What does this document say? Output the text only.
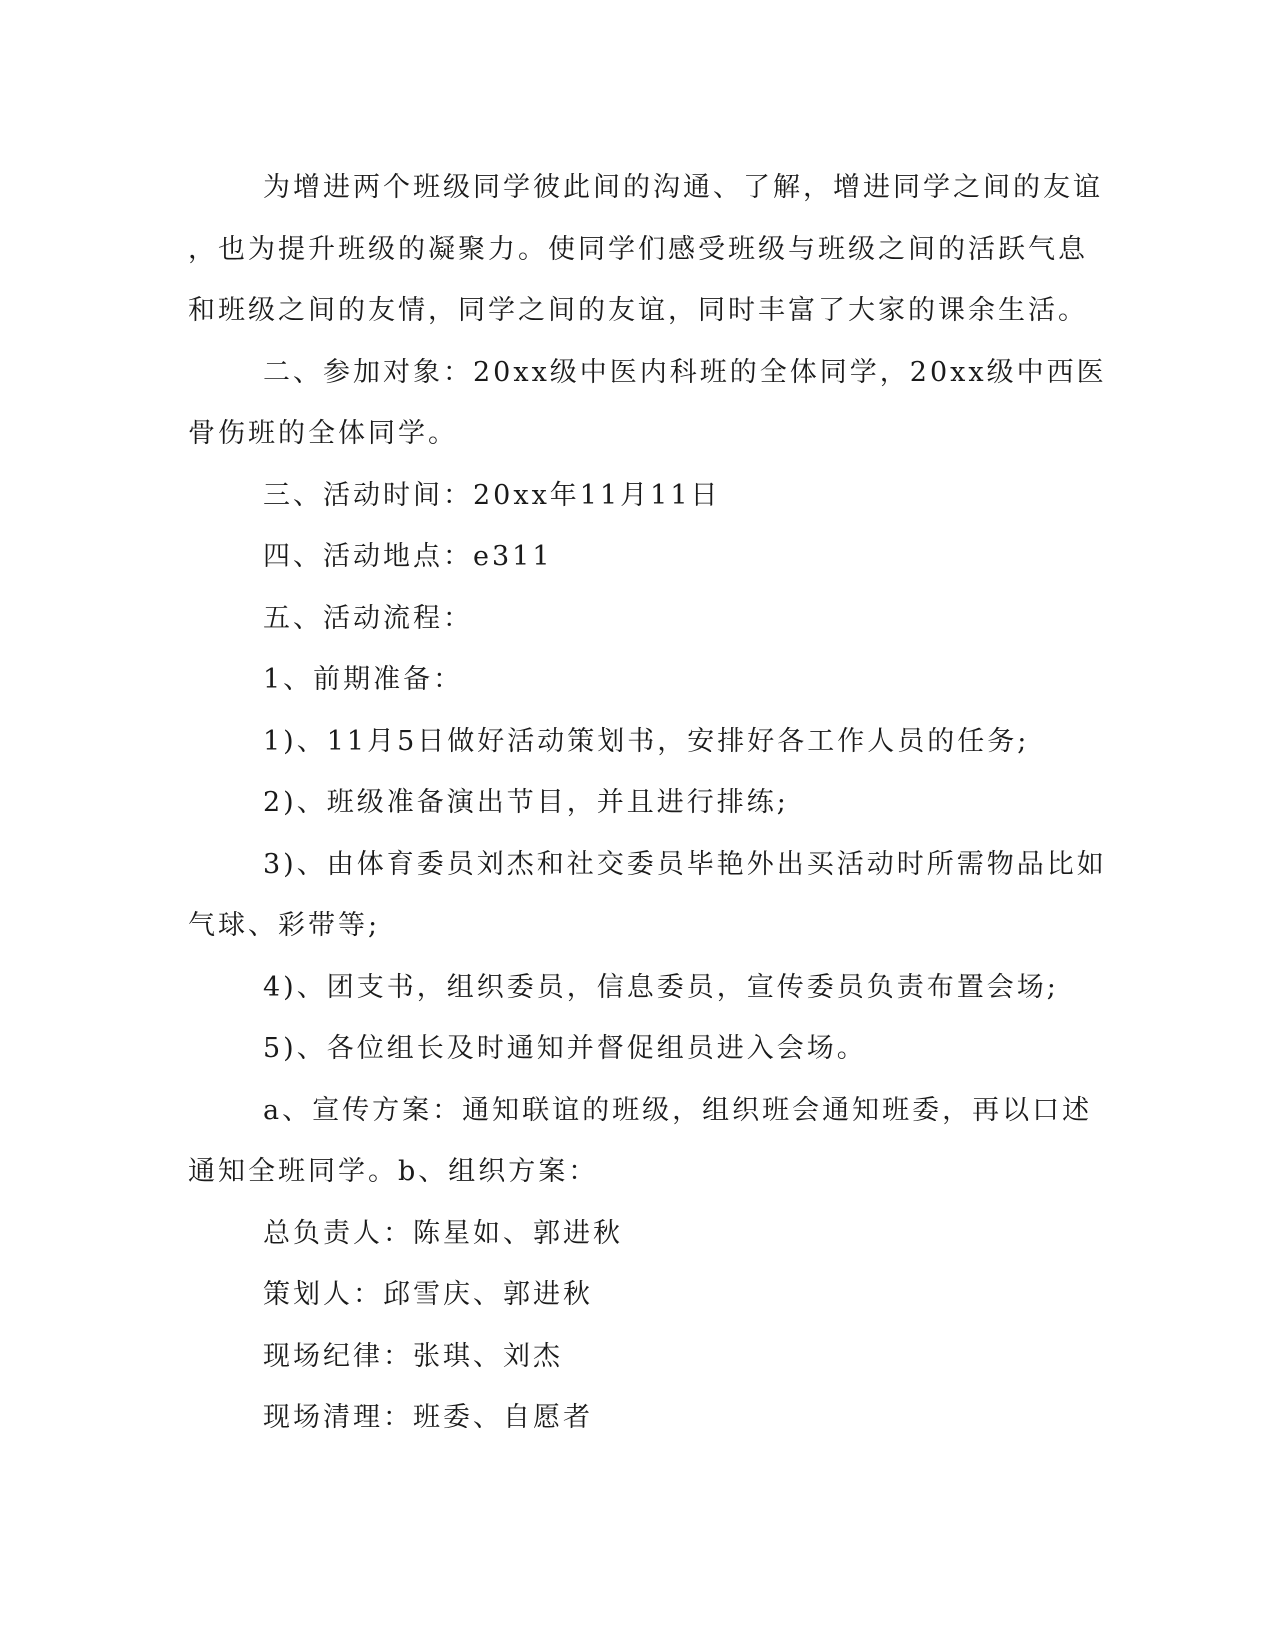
为增进两个班级同学彼此间的沟通、了解，增进同学之间的友谊
，也为提升班级的凝聚力。使同学们感受班级与班级之间的活跃气息
和班级之间的友情，同学之间的友谊，同时丰富了大家的课余生活。
二、参加对象：20xx级中医内科班的全体同学，20xx级中西医
骨伤班的全体同学。
三、活动时间：20xx年11月11日
四、活动地点：e311
五、活动流程：
1、前期准备：
1)、11月5日做好活动策划书，安排好各工作人员的任务;
2)、班级准备演出节目，并且进行排练;
3)、由体育委员刘杰和社交委员毕艳外出买活动时所需物品比如
气球、彩带等;
4)、团支书，组织委员，信息委员，宣传委员负责布置会场;
5)、各位组长及时通知并督促组员进入会场。
a、宣传方案：通知联谊的班级，组织班会通知班委，再以口述
通知全班同学。b、组织方案：
总负责人：陈星如、郭进秋
策划人：邱雪庆、郭进秋
现场纪律：张琪、刘杰
现场清理：班委、自愿者
